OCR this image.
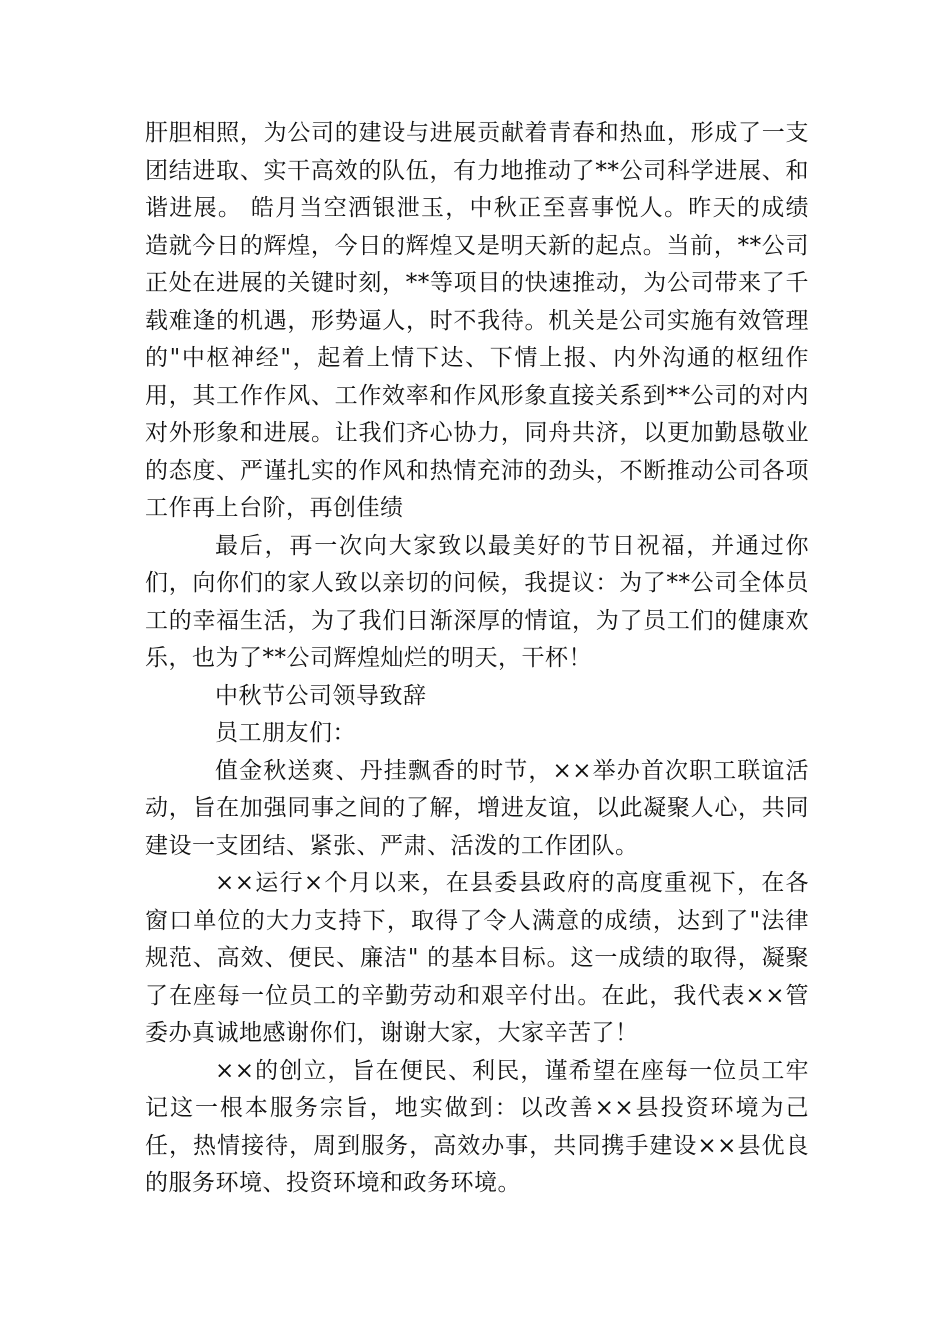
肝胆相照，为公司的建设与进展贡献着青春和热血，形成了一支团结进取、实干高效的队伍，有力地推动了**公司科学进展、和谐进展。 皓月当空洒银泄玉，中秋正至喜事悦人。昨天的成绩造就今日的辉煌，今日的辉煌又是明天新的起点。当前，**公司正处在进展的关键时刻，**等项目的快速推动，为公司带来了千载难逢的机遇，形势逼人，时不我待。机关是公司实施有效管理的"中枢神经"，起着上情下达、下情上报、内外沟通的枢纽作用，其工作作风、工作效率和作风形象直接关系到**公司的对内对外形象和进展。让我们齐心协力，同舟共济，以更加勤恳敬业的态度、严谨扎实的作风和热情充沛的劲头，不断推动公司各项工作再上台阶，再创佳绩

最后，再一次向大家致以最美好的节日祝福，并通过你们，向你们的家人致以亲切的问候，我提议：为了**公司全体员工的幸福生活，为了我们日渐深厚的情谊，为了员工们的健康欢乐，也为了**公司辉煌灿烂的明天，干杯！

中秋节公司领导致辞

员工朋友们：

值金秋送爽、丹挂飘香的时节，××举办首次职工联谊活动，旨在加强同事之间的了解，增进友谊，以此凝聚人心，共同建设一支团结、紧张、严肃、活泼的工作团队。

××运行×个月以来，在县委县政府的高度重视下，在各窗口单位的大力支持下，取得了令人满意的成绩，达到了"法律规范、高效、便民、廉洁" 的基本目标。这一成绩的取得，凝聚了在座每一位员工的辛勤劳动和艰辛付出。在此，我代表××管委办真诚地感谢你们，谢谢大家，大家辛苦了！

××的创立，旨在便民、利民，谨希望在座每一位员工牢记这一根本服务宗旨，地实做到：以改善××县投资环境为己任，热情接待，周到服务，高效办事，共同携手建设××县优良的服务环境、投资环境和政务环境。
